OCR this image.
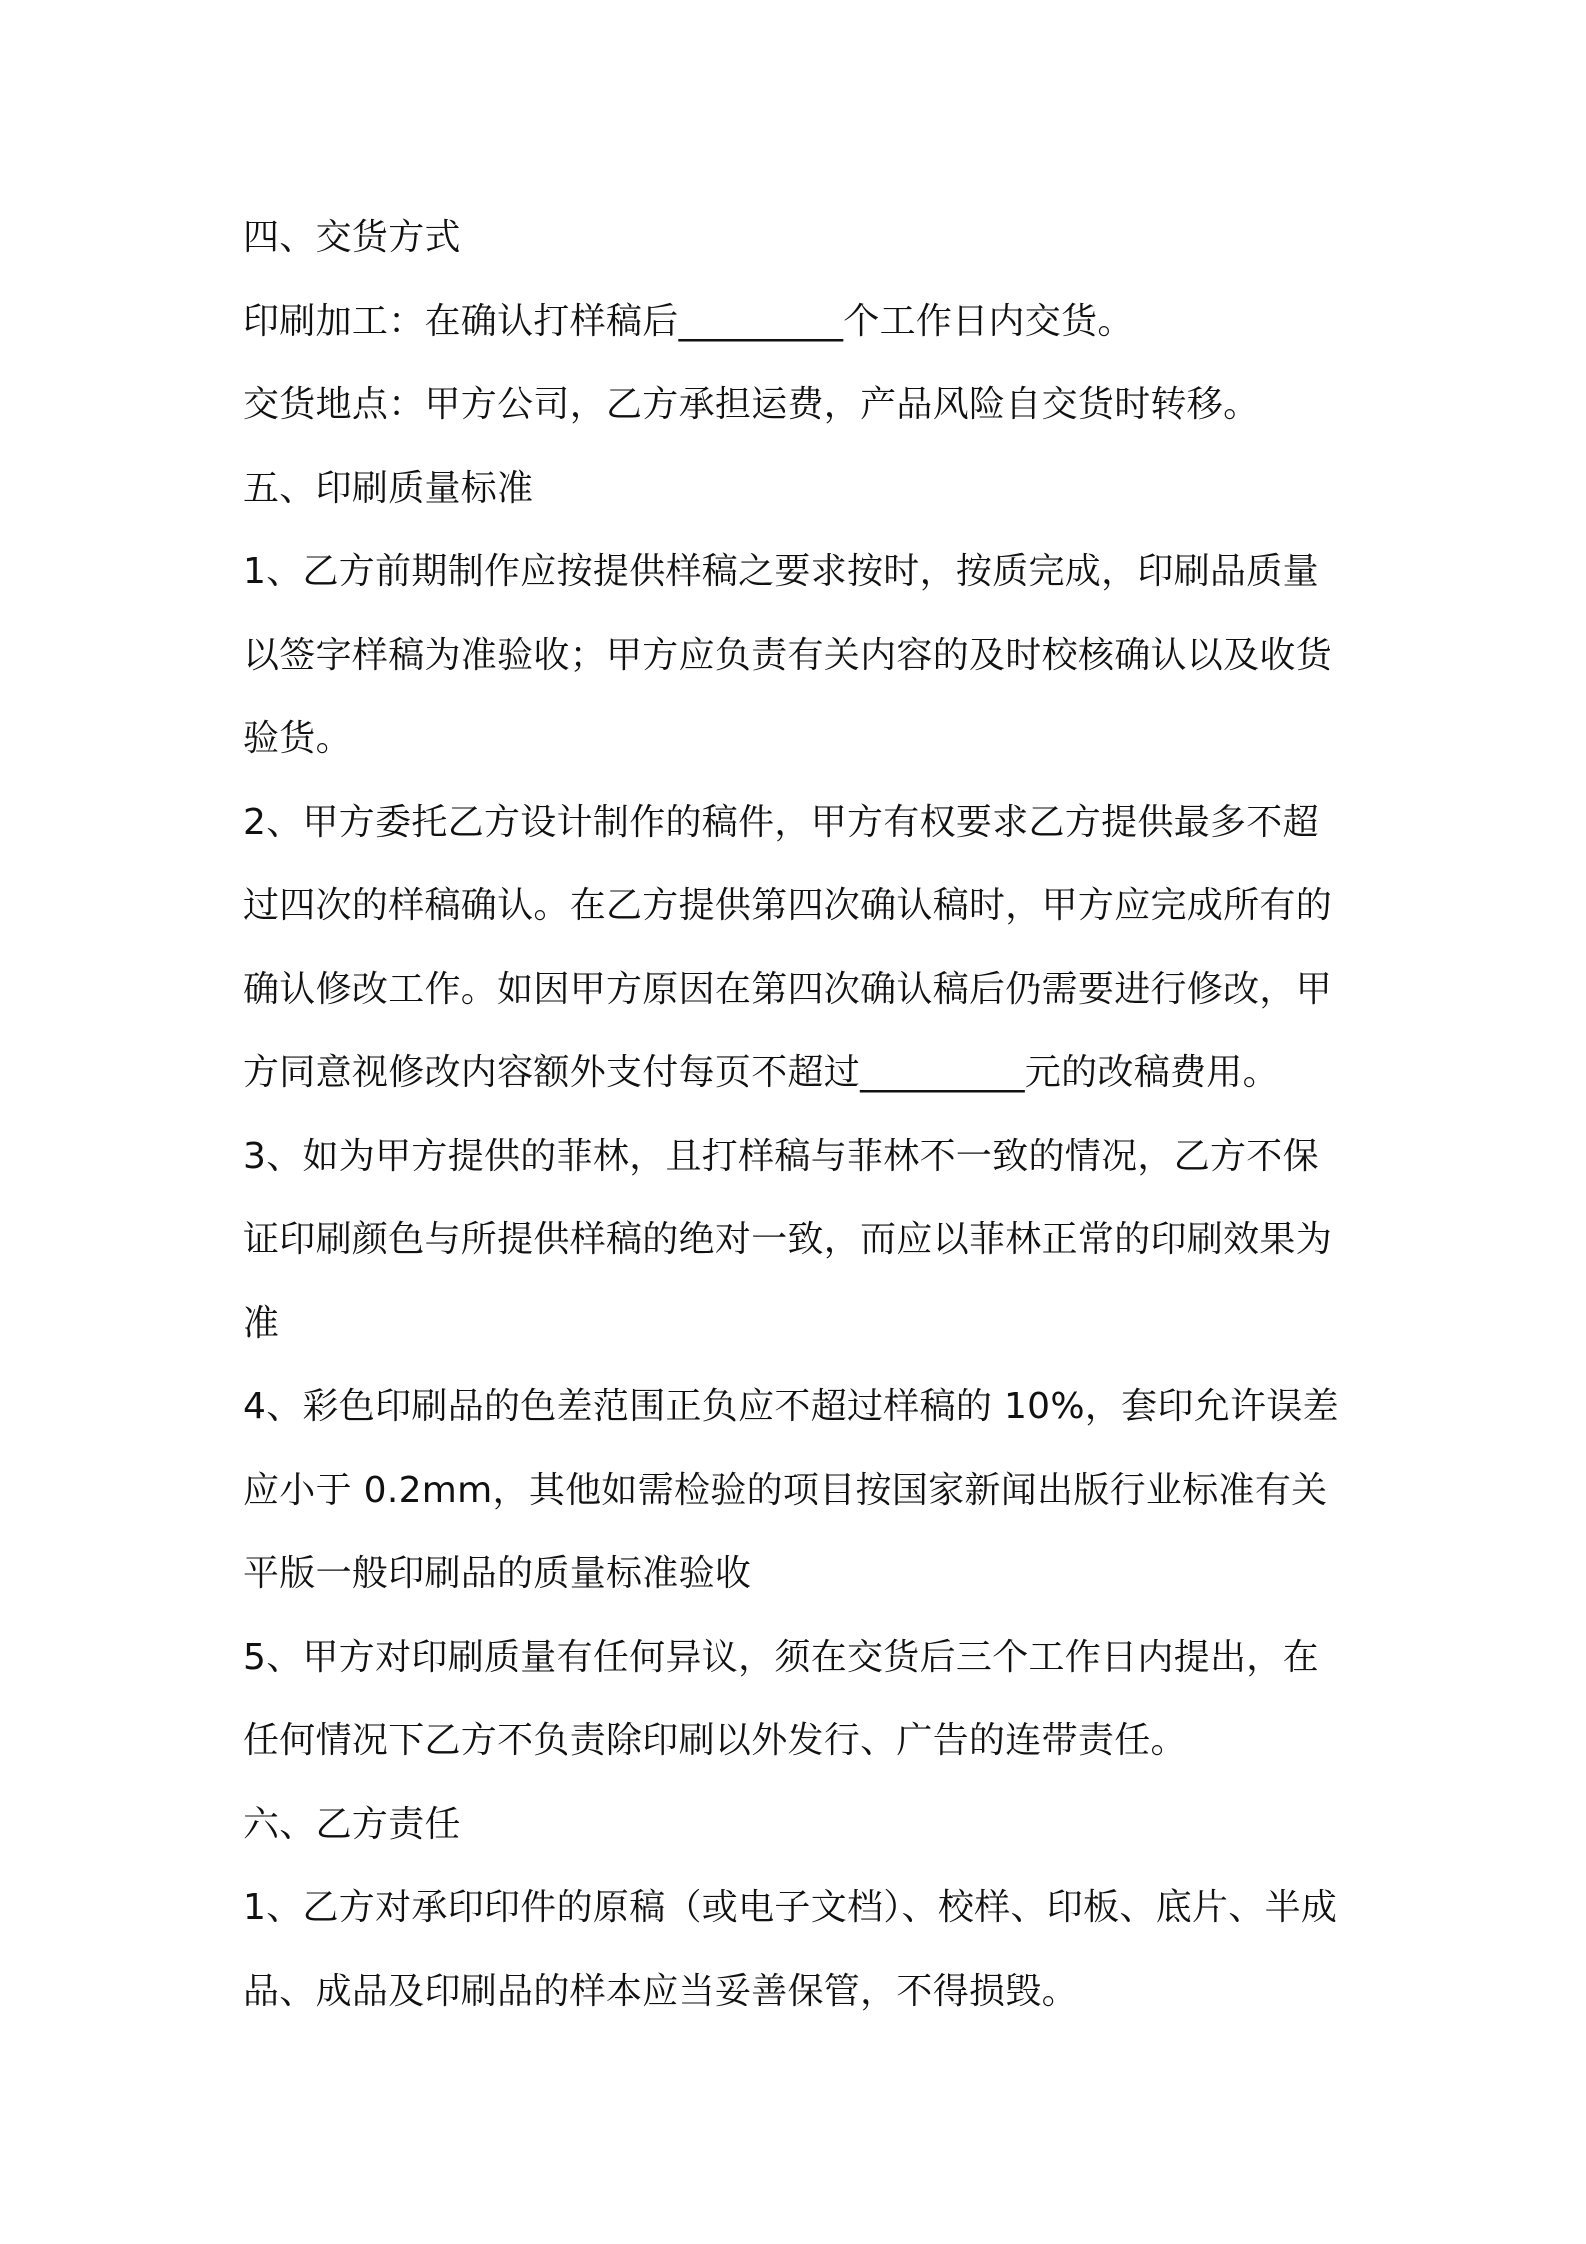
四、交货方式
印刷加工：在确认打样稿后_________个工作日内交货。
交货地点：甲方公司，乙方承担运费，产品风险自交货时转移。
五、印刷质量标准
1、乙方前期制作应按提供样稿之要求按时，按质完成，印刷品质量
以签字样稿为准验收；甲方应负责有关内容的及时校核确认以及收货
验货。
2、甲方委托乙方设计制作的稿件，甲方有权要求乙方提供最多不超
过四次的样稿确认。在乙方提供第四次确认稿时，甲方应完成所有的
确认修改工作。如因甲方原因在第四次确认稿后仍需要进行修改，甲
方同意视修改内容额外支付每页不超过_________元的改稿费用。
3、如为甲方提供的菲林，且打样稿与菲林不一致的情况，乙方不保
证印刷颜色与所提供样稿的绝对一致，而应以菲林正常的印刷效果为
准
4、彩色印刷品的色差范围正负应不超过样稿的 10%，套印允许误差
应小于 0.2mm，其他如需检验的项目按国家新闻出版行业标准有关
平版一般印刷品的质量标准验收
5、甲方对印刷质量有任何异议，须在交货后三个工作日内提出，在
任何情况下乙方不负责除印刷以外发行、广告的连带责任。
六、乙方责任
1、乙方对承印印件的原稿（或电子文档）、校样、印板、底片、半成
品、成品及印刷品的样本应当妥善保管，不得损毁。
